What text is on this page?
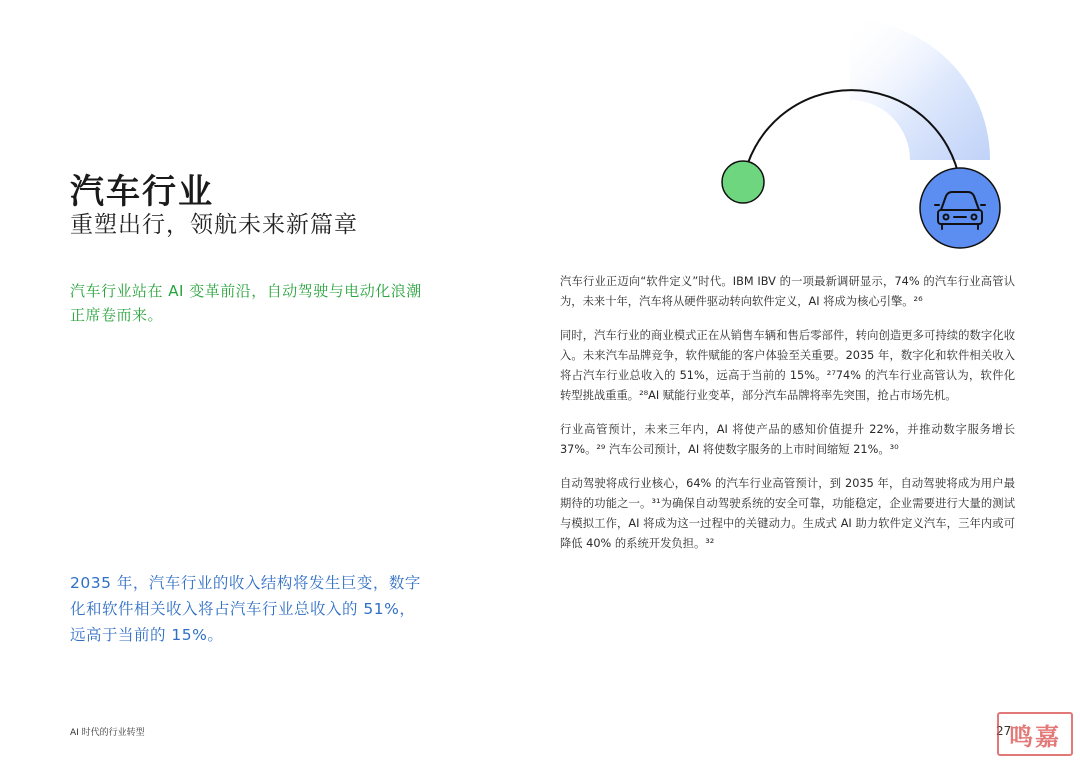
汽车行业
重塑出行，领航未来新篇章

汽车行业站在 AI 变革前沿，自动驾驶与电动化浪潮正席卷而来。

2035 年，汽车行业的收入结构将发生巨变，数字化和软件相关收入将占汽车行业总收入的 51%，远高于当前的 15%。

汽车行业正迈向“软件定义”时代。IBM IBV 的一项最新调研显示，74% 的汽车行业高管认为，未来十年，汽车将从硬件驱动转向软件定义，AI 将成为核心引擎。²⁶

同时，汽车行业的商业模式正在从销售车辆和售后零部件，转向创造更多可持续的数字化收入。未来汽车品牌竞争，软件赋能的客户体验至关重要。2035 年，数字化和软件相关收入将占汽车行业总收入的 51%，远高于当前的 15%。²⁷74% 的汽车行业高管认为，软件化转型挑战重重。²⁸AI 赋能行业变革，部分汽车品牌将率先突围，抢占市场先机。

行业高管预计，未来三年内，AI 将使产品的感知价值提升 22%，并推动数字服务增长 37%。²⁹ 汽车公司预计，AI 将使数字服务的上市时间缩短 21%。³⁰

自动驾驶将成行业核心，64% 的汽车行业高管预计，到 2035 年，自动驾驶将成为用户最期待的功能之一。³¹为确保自动驾驶系统的安全可靠，功能稳定，企业需要进行大量的测试与模拟工作，AI 将成为这一过程中的关键动力。生成式 AI 助力软件定义汽车，三年内或可降低 40% 的系统开发负担。³²

AI 时代的行业转型	27
鸣嘉
